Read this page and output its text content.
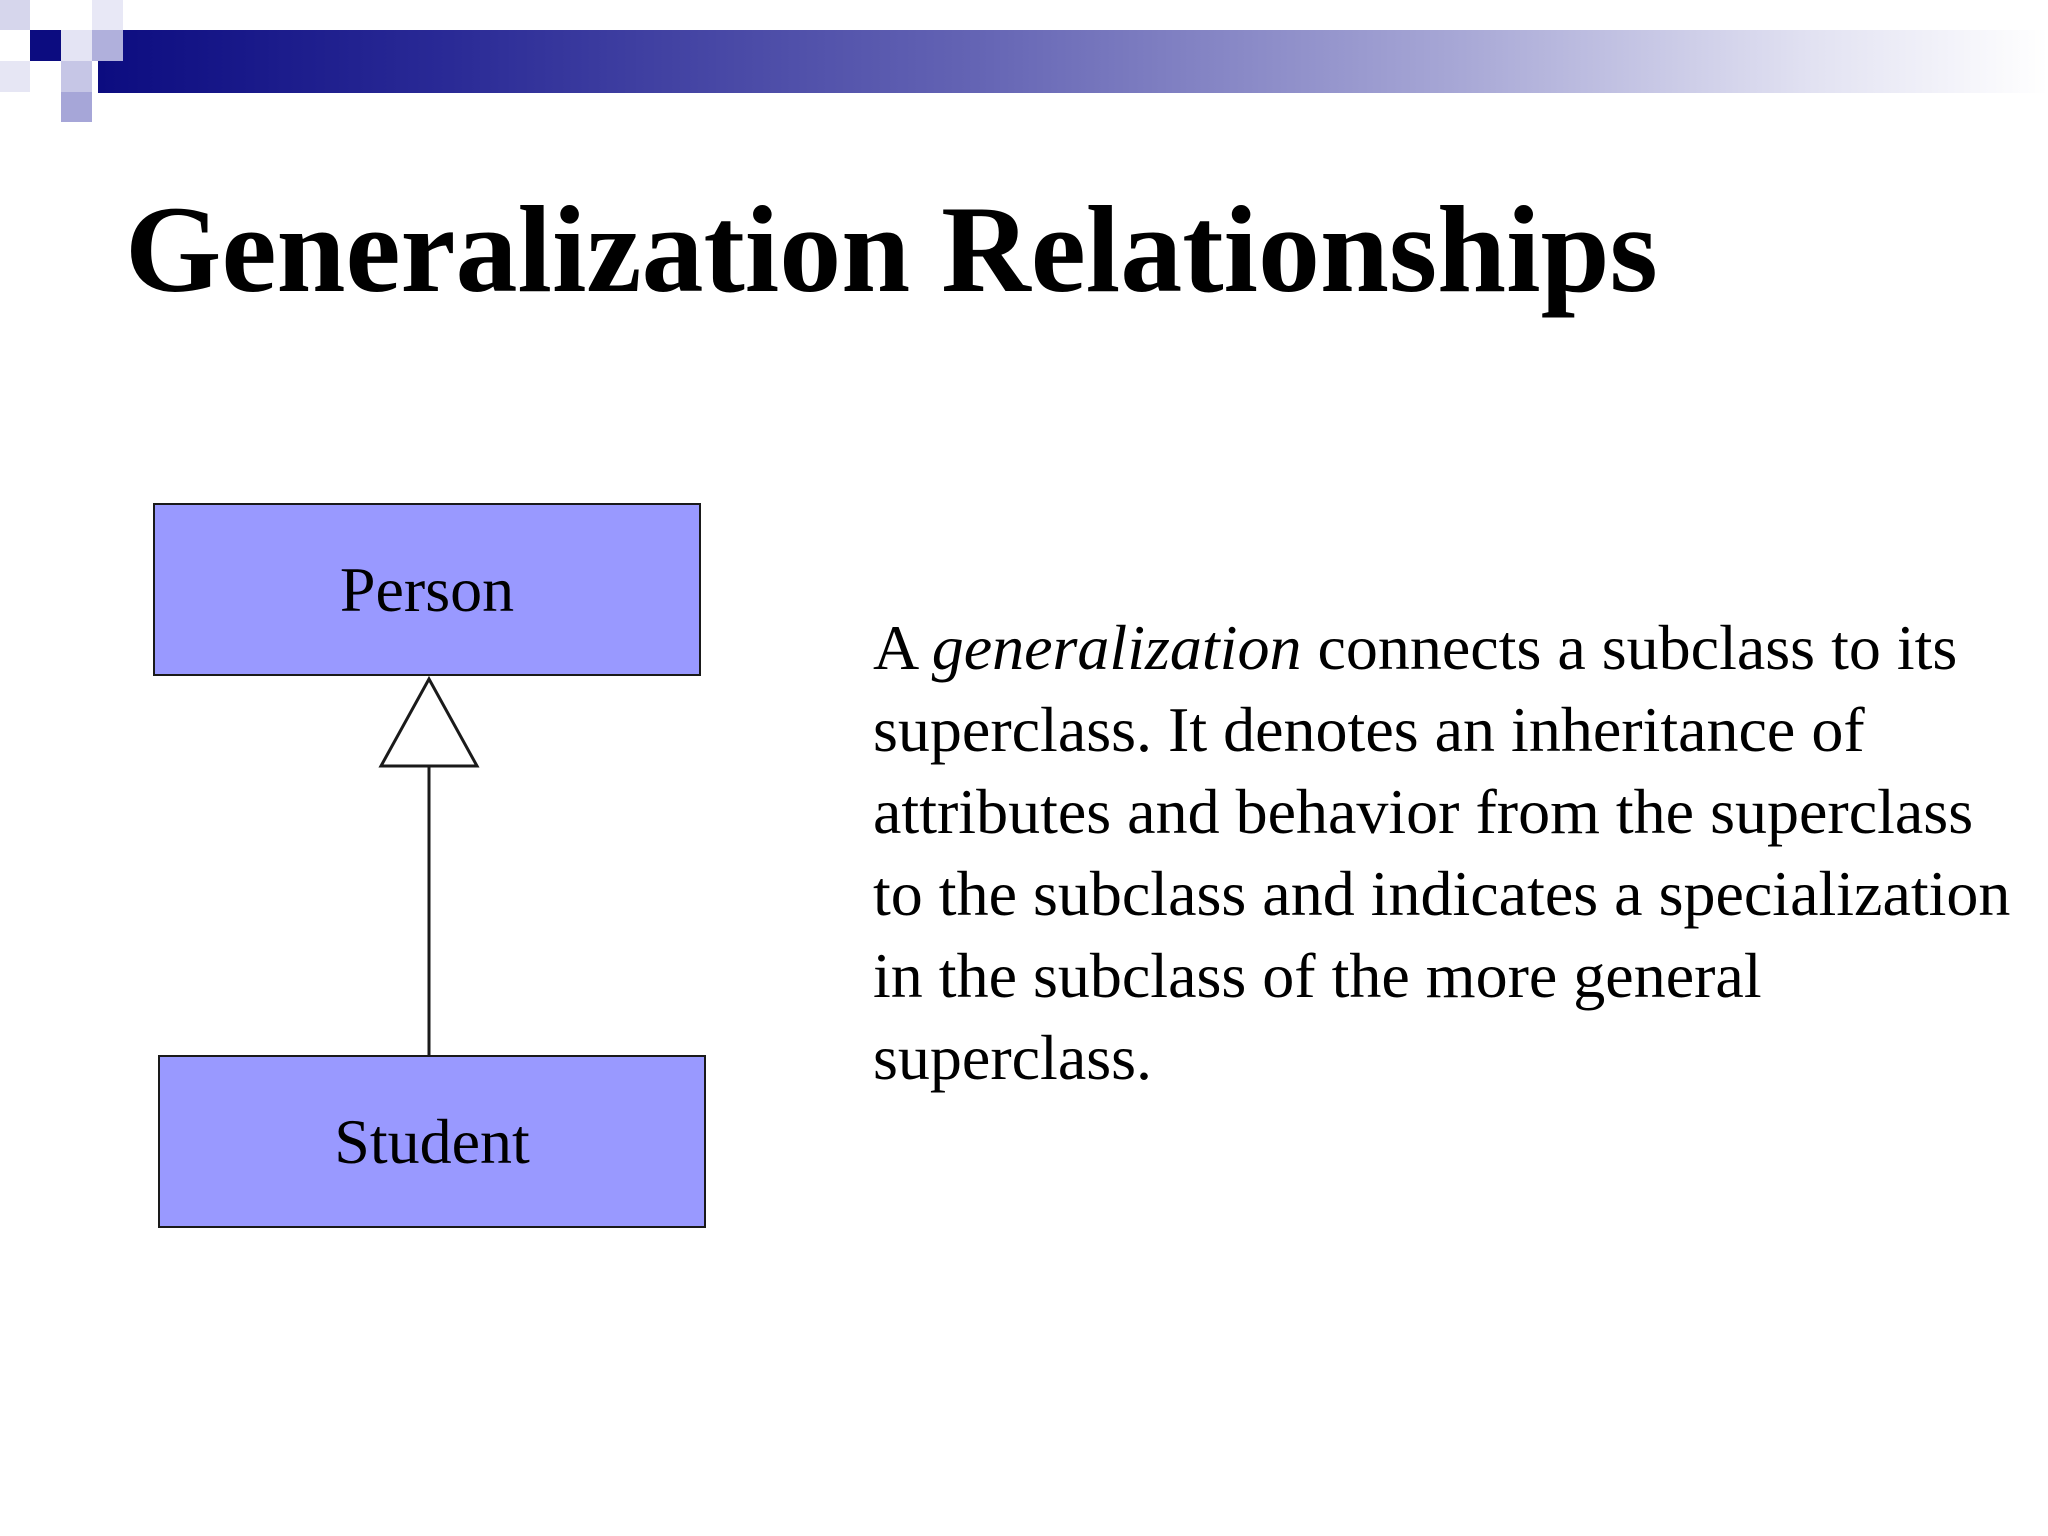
Generalization Relationships
Person
Student

A generalization connects a subclass to its superclass. It denotes an inheritance of attributes and behavior from the superclass to the subclass and indicates a specialization in the subclass of the more general superclass.
